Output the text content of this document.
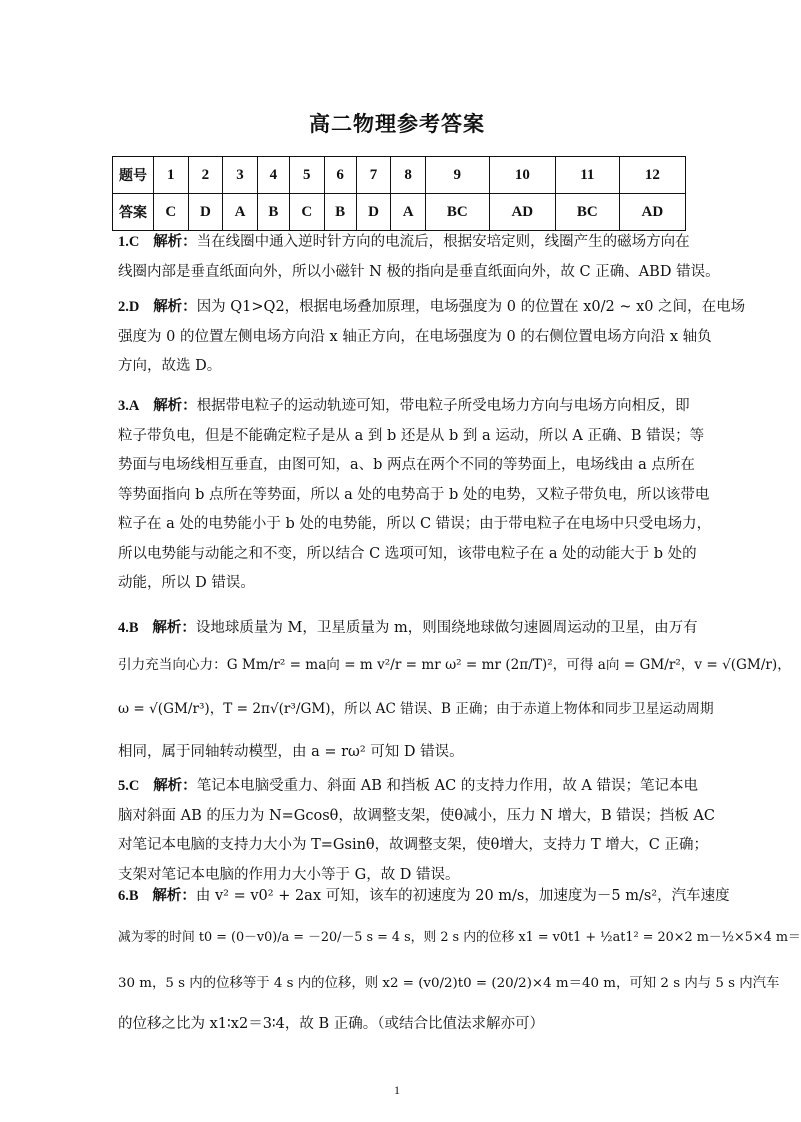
高二物理参考答案
题号	1	2	3	4	5	6	7	8	9	10	11	12
答案	C	D	A	B	C	B	D	A	BC	AD	BC	AD
1.C 解析：当在线圈中通入逆时针方向的电流后，根据安培定则，线圈产生的磁场方向在
线圈内部是垂直纸面向外，所以小磁针 N 极的指向是垂直纸面向外，故 C 正确、ABD 错误。
2.D 解析：因为 Q1>Q2，根据电场叠加原理，电场强度为 0 的位置在 x0/2 ~ x0 之间，在电场
强度为 0 的位置左侧电场方向沿 x 轴正方向，在电场强度为 0 的右侧位置电场方向沿 x 轴负
方向，故选 D。
3.A 解析：根据带电粒子的运动轨迹可知，带电粒子所受电场力方向与电场方向相反，即
粒子带负电，但是不能确定粒子是从 a 到 b 还是从 b 到 a 运动，所以 A 正确、B 错误；等
势面与电场线相互垂直，由图可知，a、b 两点在两个不同的等势面上，电场线由 a 点所在
等势面指向 b 点所在等势面，所以 a 处的电势高于 b 处的电势，又粒子带负电，所以该带电
粒子在 a 处的电势能小于 b 处的电势能，所以 C 错误；由于带电粒子在电场中只受电场力，
所以电势能与动能之和不变，所以结合 C 选项可知，该带电粒子在 a 处的动能大于 b 处的
动能，所以 D 错误。
4.B 解析：设地球质量为 M，卫星质量为 m，则围绕地球做匀速圆周运动的卫星，由万有
引力充当向心力：G Mm/r² = ma向 = m v²/r = mr ω² = mr (2π/T)²，可得 a向 = GM/r²，v = √(GM/r)，
ω = √(GM/r³)，T = 2π√(r³/GM)，所以 AC 错误、B 正确；由于赤道上物体和同步卫星运动周期
相同，属于同轴转动模型，由 a = rω² 可知 D 错误。
5.C 解析：笔记本电脑受重力、斜面 AB 和挡板 AC 的支持力作用，故 A 错误；笔记本电
脑对斜面 AB 的压力为 N=Gcosθ，故调整支架，使θ减小，压力 N 增大，B 错误；挡板 AC
对笔记本电脑的支持力大小为 T=Gsinθ，故调整支架，使θ增大，支持力 T 增大，C 正确；
支架对笔记本电脑的作用力大小等于 G，故 D 错误。
6.B 解析：由 v² = v0² + 2ax 可知，该车的初速度为 20 m/s，加速度为－5 m/s²，汽车速度
减为零的时间 t0 = (0－v0)/a = －20/－5 s = 4 s，则 2 s 内的位移 x1 = v0t1 + ½at1² = 20×2 m－½×5×4 m＝
30 m，5 s 内的位移等于 4 s 内的位移，则 x2 = (v0/2)t0 = (20/2)×4 m＝40 m，可知 2 s 内与 5 s 内汽车
的位移之比为 x1∶x2＝3∶4，故 B 正确。（或结合比值法求解亦可）
1
